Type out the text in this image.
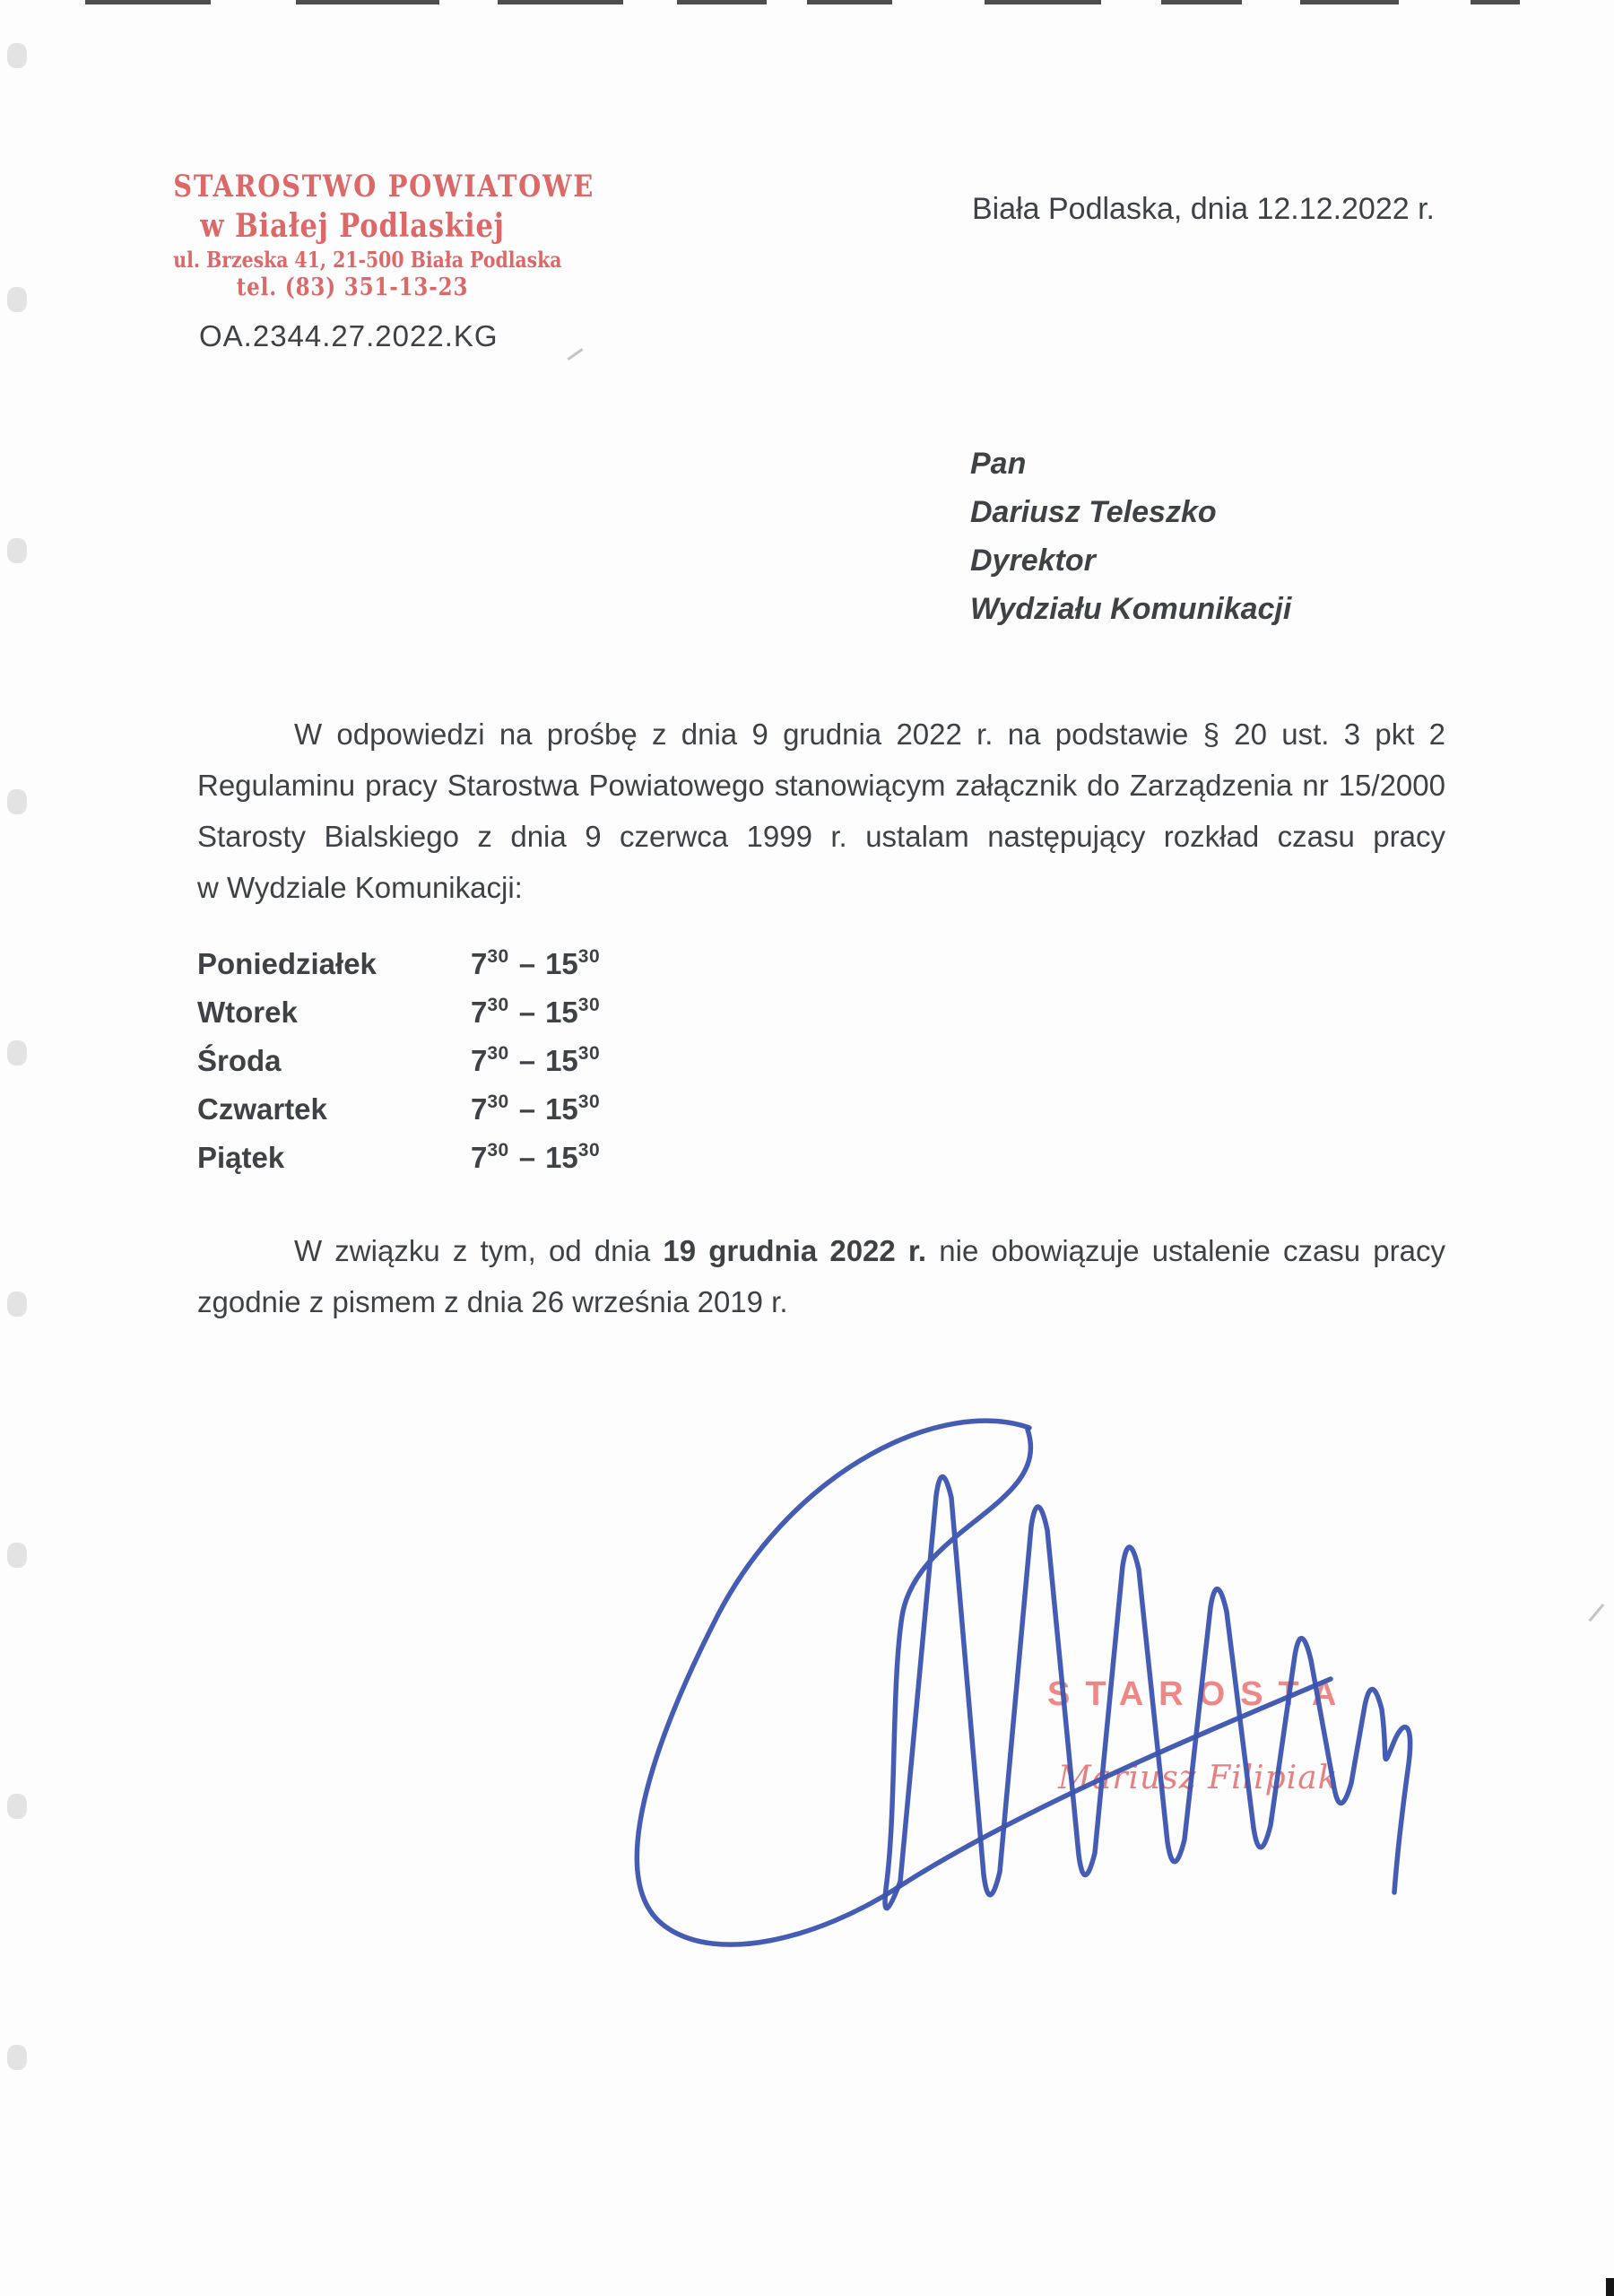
STAROSTWO POWIATOWE
w Białej Podlaskiej
ul. Brzeska 41, 21-500 Biała Podlaska
tel. (83) 351-13-23
OA.2344.27.2022.KG
Biała Podlaska, dnia 12.12.2022 r.
Pan
Dariusz Teleszko
Dyrektor
Wydziału Komunikacji
W odpowiedzi na prośbę z dnia 9 grudnia 2022 r. na podstawie § 20 ust. 3 pkt 2
Regulaminu pracy Starostwa Powiatowego stanowiącym załącznik do Zarządzenia nr 15/2000
Starosty Bialskiego z dnia 9 czerwca 1999 r. ustalam następujący rozkład czasu pracy
w Wydziale Komunikacji:
Poniedziałek	$7^{30} - 15^{30}$
Wtorek	$7^{30} - 15^{30}$
Środa	$7^{30} - 15^{30}$
Czwartek	$7^{30} - 15^{30}$
Piątek	$7^{30} - 15^{30}$
W związku z tym, od dnia 19 grudnia 2022 r. nie obowiązuje ustalenie czasu pracy
zgodnie z pismem z dnia 26 września 2019 r.
STAROSTA
Mariusz Filipiak
